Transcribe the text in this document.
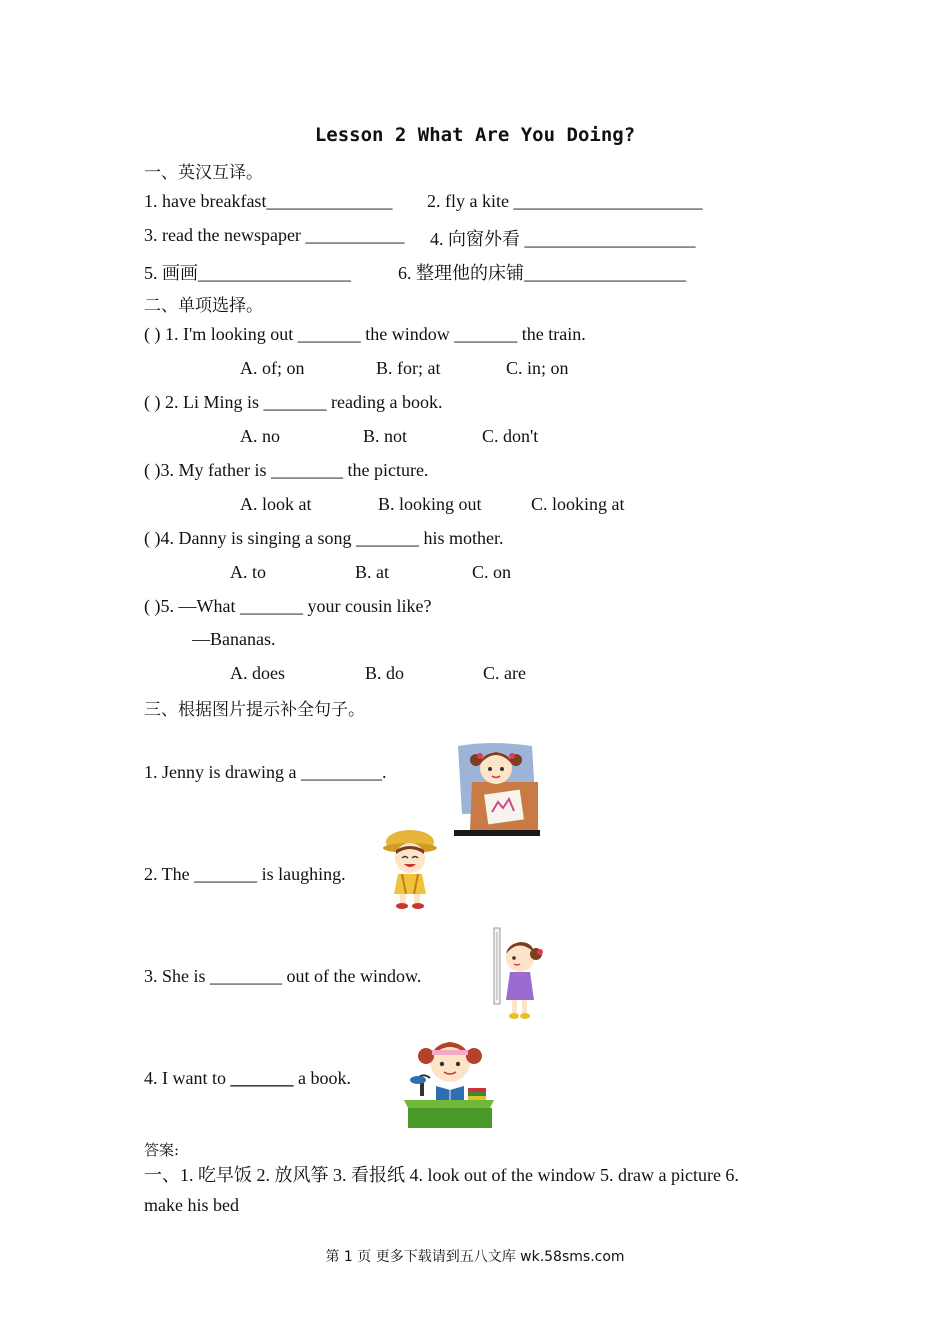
Lesson 2 What Are You Doing?
一、英汉互译。
1. have breakfast______________ 2. fly a kite _____________________
3. read the newspaper ___________ 4. 向窗外看 ___________________
5. 画画_________________	6. 整理他的床铺__________________
二、单项选择。
( ) 1. I'm looking out _______ the window _______ the train.
A. of; on	B. for; at	C. in; on
( ) 2. Li Ming is _______ reading a book.
A. no	B. not	C. don't
( )3. My father is ________ the picture.
A. look at	B. looking out	C. looking at
( )4. Danny is singing a song _______ his mother.
A. to	B. at	C. on
( )5. —What _______ your cousin like?
—Bananas.
A. does	B. do	C. are
三、根据图片提示补全句子。
1. Jenny is drawing a _________.
2. The _______ is laughing.
3. She is ________ out of the window.
4. I want to _______ a book.
答案:
一、1. 吃早饭 2. 放风筝 3. 看报纸 4. look out of the window 5. draw a picture 6.
make his bed
第 1 页 更多下载请到五八文库 wk.58sms.com
